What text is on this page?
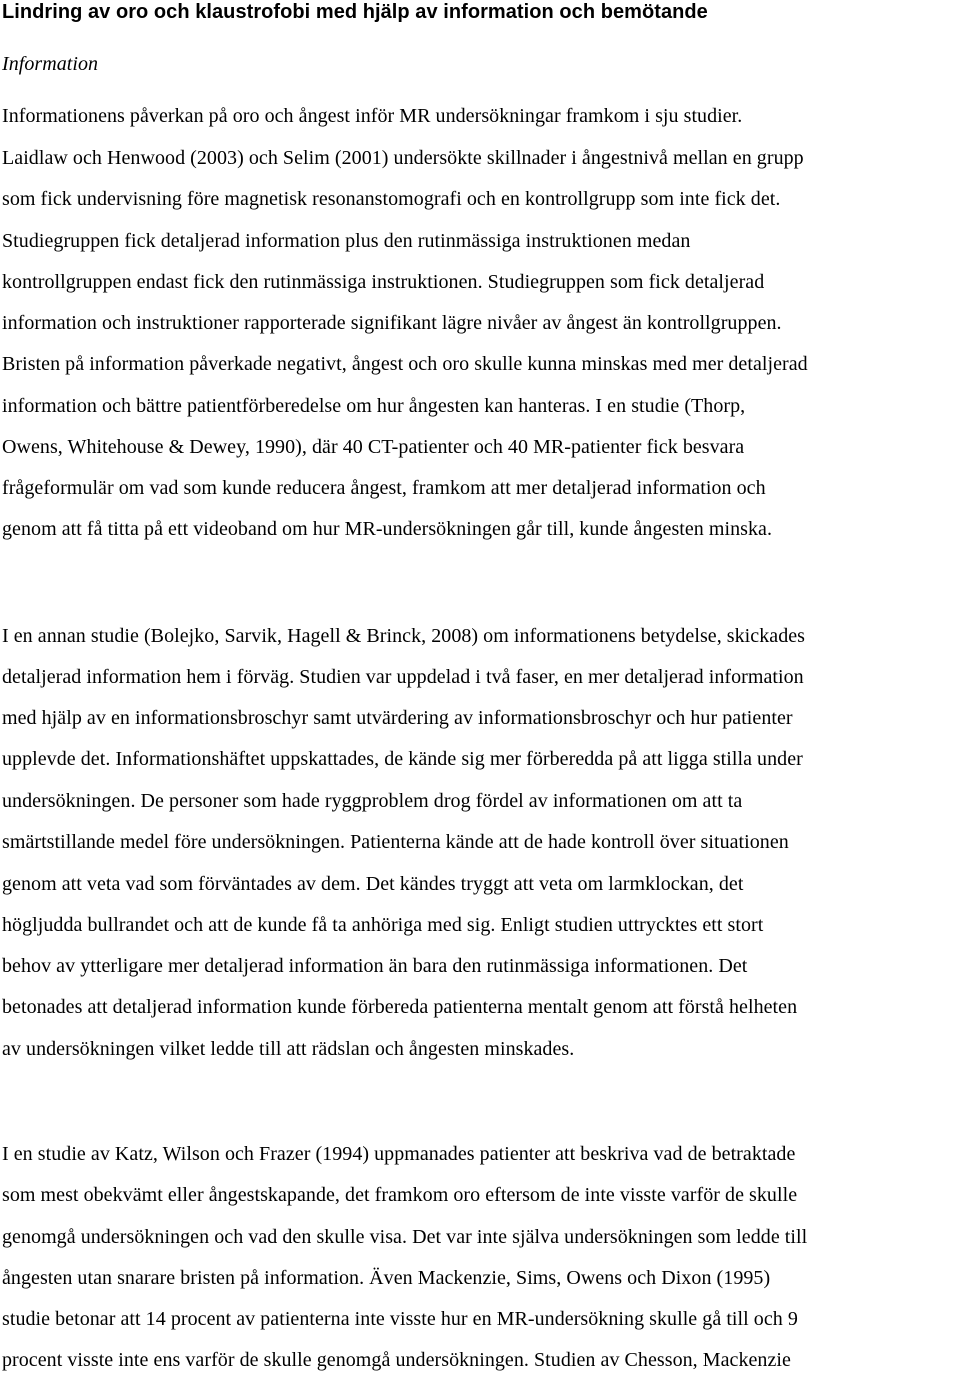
Lindring av oro och klaustrofobi med hjälp av information och bemötande
Information
Informationens påverkan på oro och ångest inför MR undersökningar framkom i sju studier.
Laidlaw och Henwood (2003) och Selim (2001) undersökte skillnader i ångestnivå mellan en grupp
som fick undervisning före magnetisk resonanstomografi och en kontrollgrupp som inte fick det.
Studiegruppen fick detaljerad information plus den rutinmässiga instruktionen medan
kontrollgruppen endast fick den rutinmässiga instruktionen. Studiegruppen som fick detaljerad
information och instruktioner rapporterade signifikant lägre nivåer av ångest än kontrollgruppen.
Bristen på information påverkade negativt, ångest och oro skulle kunna minskas med mer detaljerad
information och bättre patientförberedelse om hur ångesten kan hanteras. I en studie (Thorp,
Owens, Whitehouse & Dewey, 1990), där 40 CT-patienter och 40 MR-patienter fick besvara
frågeformulär om vad som kunde reducera ångest, framkom att mer detaljerad information och
genom att få titta på ett videoband om hur MR-undersökningen går till, kunde ångesten minska.
I en annan studie (Bolejko, Sarvik, Hagell & Brinck, 2008) om informationens betydelse, skickades
detaljerad information hem i förväg. Studien var uppdelad i två faser, en mer detaljerad information
med hjälp av en informationsbroschyr samt utvärdering av informationsbroschyr och hur patienter
upplevde det. Informationshäftet uppskattades, de kände sig mer förberedda på att ligga stilla under
undersökningen. De personer som hade ryggproblem drog fördel av informationen om att ta
smärtstillande medel före undersökningen. Patienterna kände att de hade kontroll över situationen
genom att veta vad som förväntades av dem. Det kändes tryggt att veta om larmklockan, det
högljudda bullrandet och att de kunde få ta anhöriga med sig. Enligt studien uttrycktes ett stort
behov av ytterligare mer detaljerad information än bara den rutinmässiga informationen. Det
betonades att detaljerad information kunde förbereda patienterna mentalt genom att förstå helheten
av undersökningen vilket ledde till att rädslan och ångesten minskades.
I en studie av Katz, Wilson och Frazer (1994) uppmanades patienter att beskriva vad de betraktade
som mest obekvämt eller ångestskapande, det framkom oro eftersom de inte visste varför de skulle
genomgå undersökningen och vad den skulle visa. Det var inte själva undersökningen som ledde till
ångesten utan snarare bristen på information. Även Mackenzie, Sims, Owens och Dixon (1995)
studie betonar att 14 procent av patienterna inte visste hur en MR-undersökning skulle gå till och 9
procent visste inte ens varför de skulle genomgå undersökningen. Studien av Chesson, Mackenzie
